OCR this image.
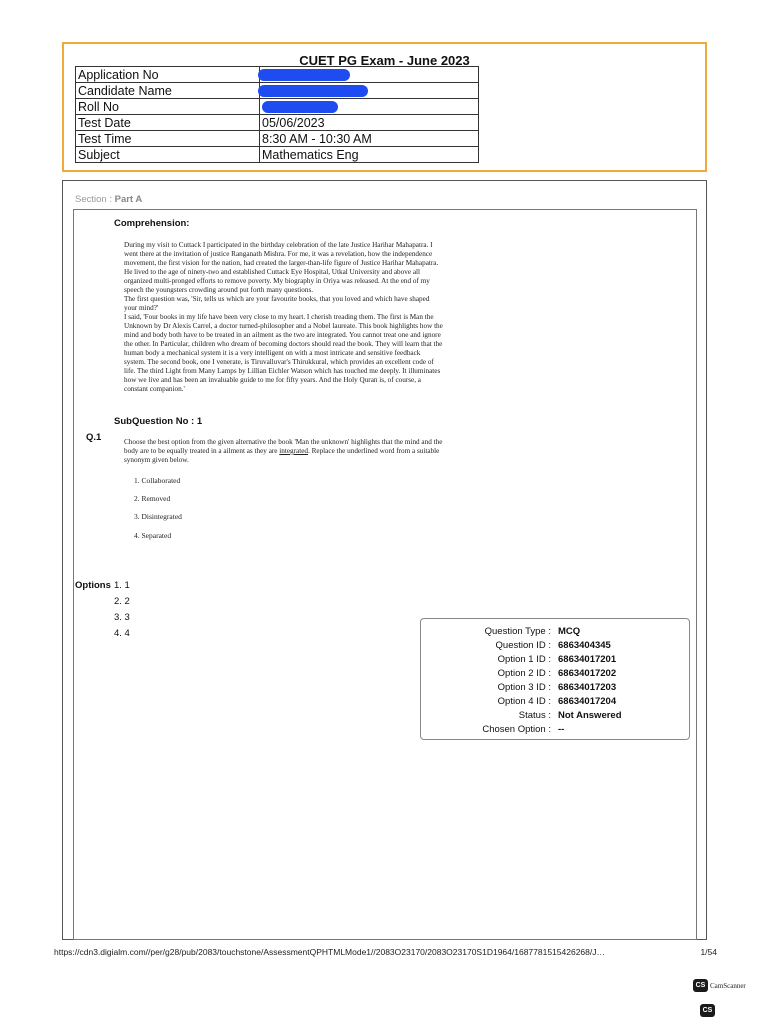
CUET PG Exam - June 2023
Application No	
Candidate Name	
Roll No	
Test Date	05/06/2023
Test Time	8:30 AM - 10:30 AM
Subject	Mathematics Eng
Section : Part A
Comprehension:

During my visit to Cuttack I participated in the birthday celebration of the late Justice Harihar Mahapatra. I

went there at the invitation of justice Ranganath Mishra. For me, it was a revelation, how the independence

movement, the first vision for the nation, had created the larger-than-life figure of Justice Harihar Mahapatra.

He lived to the age of ninety-two and established Cuttack Eye Hospital, Utkal University and above all

organized multi-pronged efforts to remove poverty. My biography in Oriya was released. At the end of my

speech the youngsters crowding around put forth many questions.

The first question was, 'Sir, tells us which are your favourite books, that you loved and which have shaped

your mind?'

I said, 'Four books in my life have been very close to my heart. I cherish treading them. The first is Man the

Unknown by Dr Alexis Carrel, a doctor turned-philosopher and a Nobel laureate. This book highlights how the

mind and body both have to be treated in an ailment as the two are integrated. You cannot treat one and ignore

the other. In Particular, children who dream of becoming doctors should read the book. They will learn that the

human body a mechanical system it is a very intelligent on with a most intricate and sensitive feedback

system. The second book, one I venerate, is Tiruvalluvar's Thirukkural, which provides an excellent code of

life. The third Light from Many Lamps by Lillian Eichler Watson which has touched me deeply. It illuminates

how we live and has been an invaluable guide to me for fifty years. And the Holy Quran is, of course, a

constant companion.'

SubQuestion No : 1
Q.1	Choose the best option from the given alternative the book 'Man the unknown' highlights that the mind and the
body are to be equally treated in a ailment as they are integrated. Replace the underlined word from a suitable
synonym given below.
1. Collaborated
2. Removed
3. Disintegrated
4. Separated
Options 1. 1
2. 2
3. 3
4. 4	Question Type : MCQ
Question ID : 6863404345
Option 1 ID : 68634017201
Option 2 ID : 68634017202
Option 3 ID : 68634017203
Option 4 ID : 68634017204
Status : Not Answered
Chosen Option : --
https://cdn3.digialm.com//per/g28/pub/2083/touchstone/AssessmentQPHTMLMode1//2083O23170/2083O23170S1D1964/1687781515426268/J…	1/54
CS CamScanner
CS
